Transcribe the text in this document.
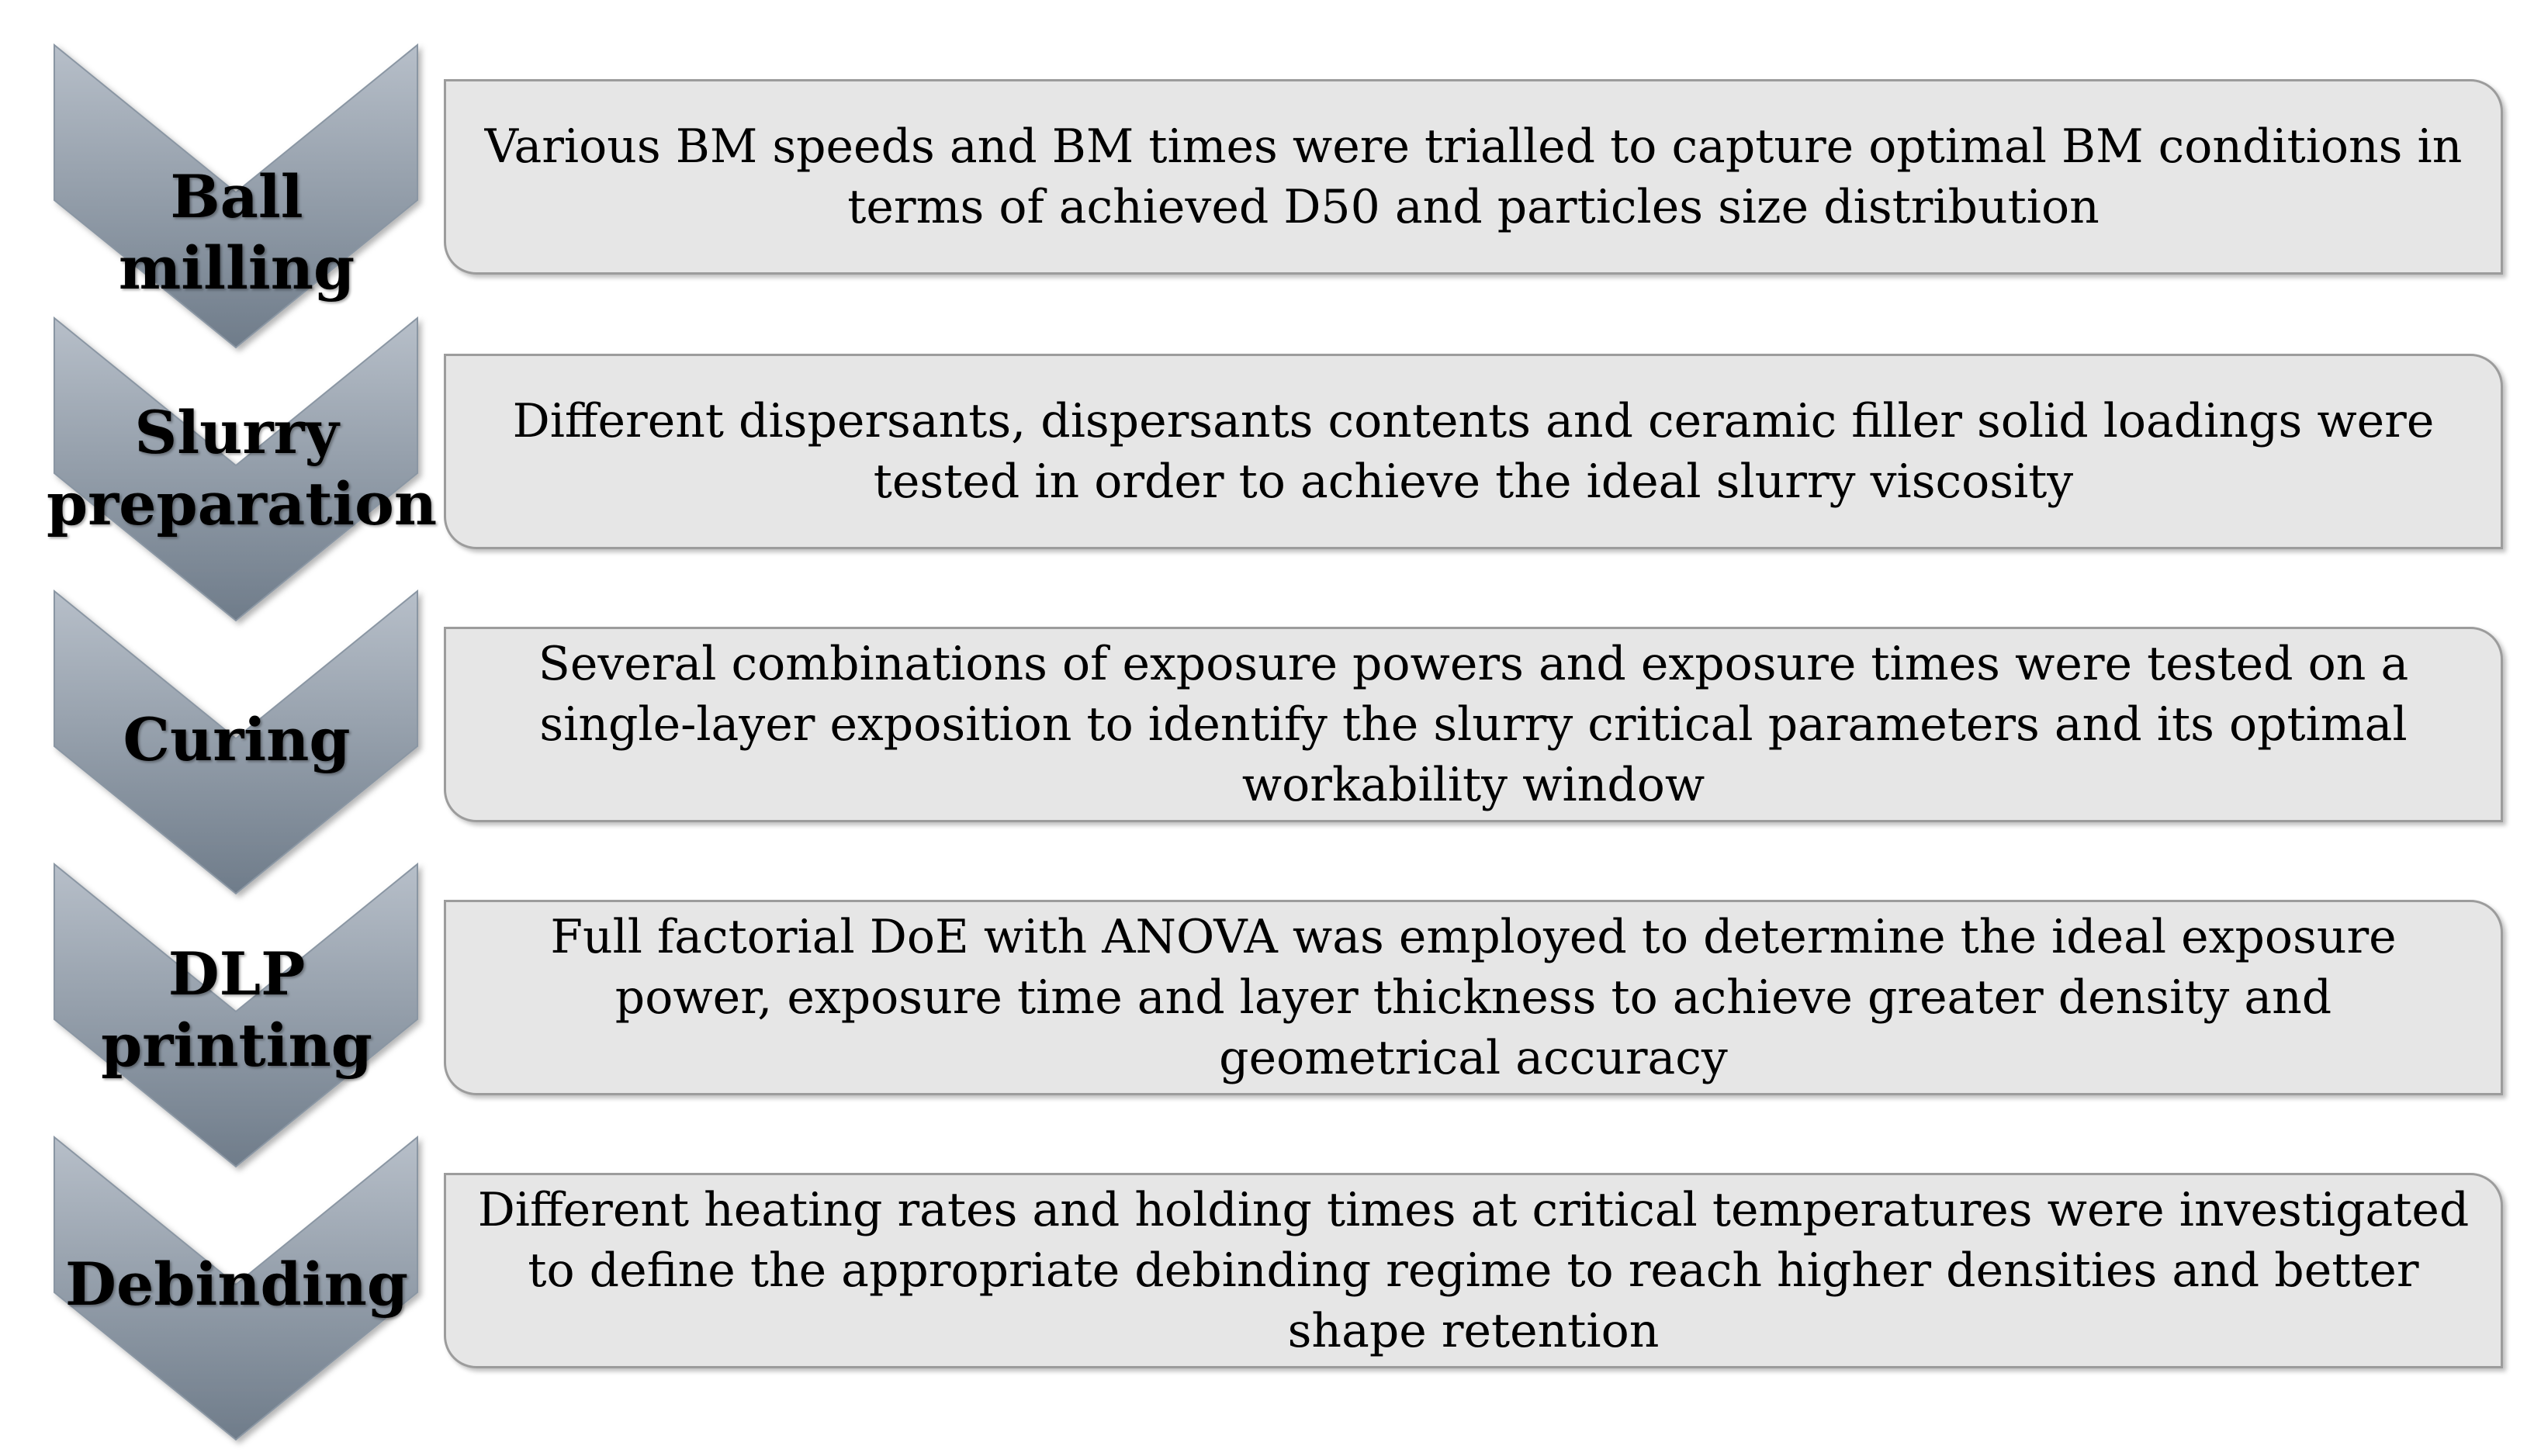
Ball milling
Slurry preparation
Curing
DLP printing
Debinding
Various BM speeds and BM times were trialled to capture optimal BM conditions in terms of achieved D50 and particles size distribution
Different dispersants, dispersants contents and ceramic filler solid loadings were tested in order to achieve the ideal slurry viscosity
Several combinations of exposure powers and exposure times were tested on a single-layer exposition to identify the slurry critical parameters and its optimal workability window
Full factorial DoE with ANOVA was employed to determine the ideal exposure power, exposure time and layer thickness to achieve greater density and geometrical accuracy
Different heating rates and holding times at critical temperatures were investigated to define the appropriate debinding regime to reach higher densities and better shape retention
